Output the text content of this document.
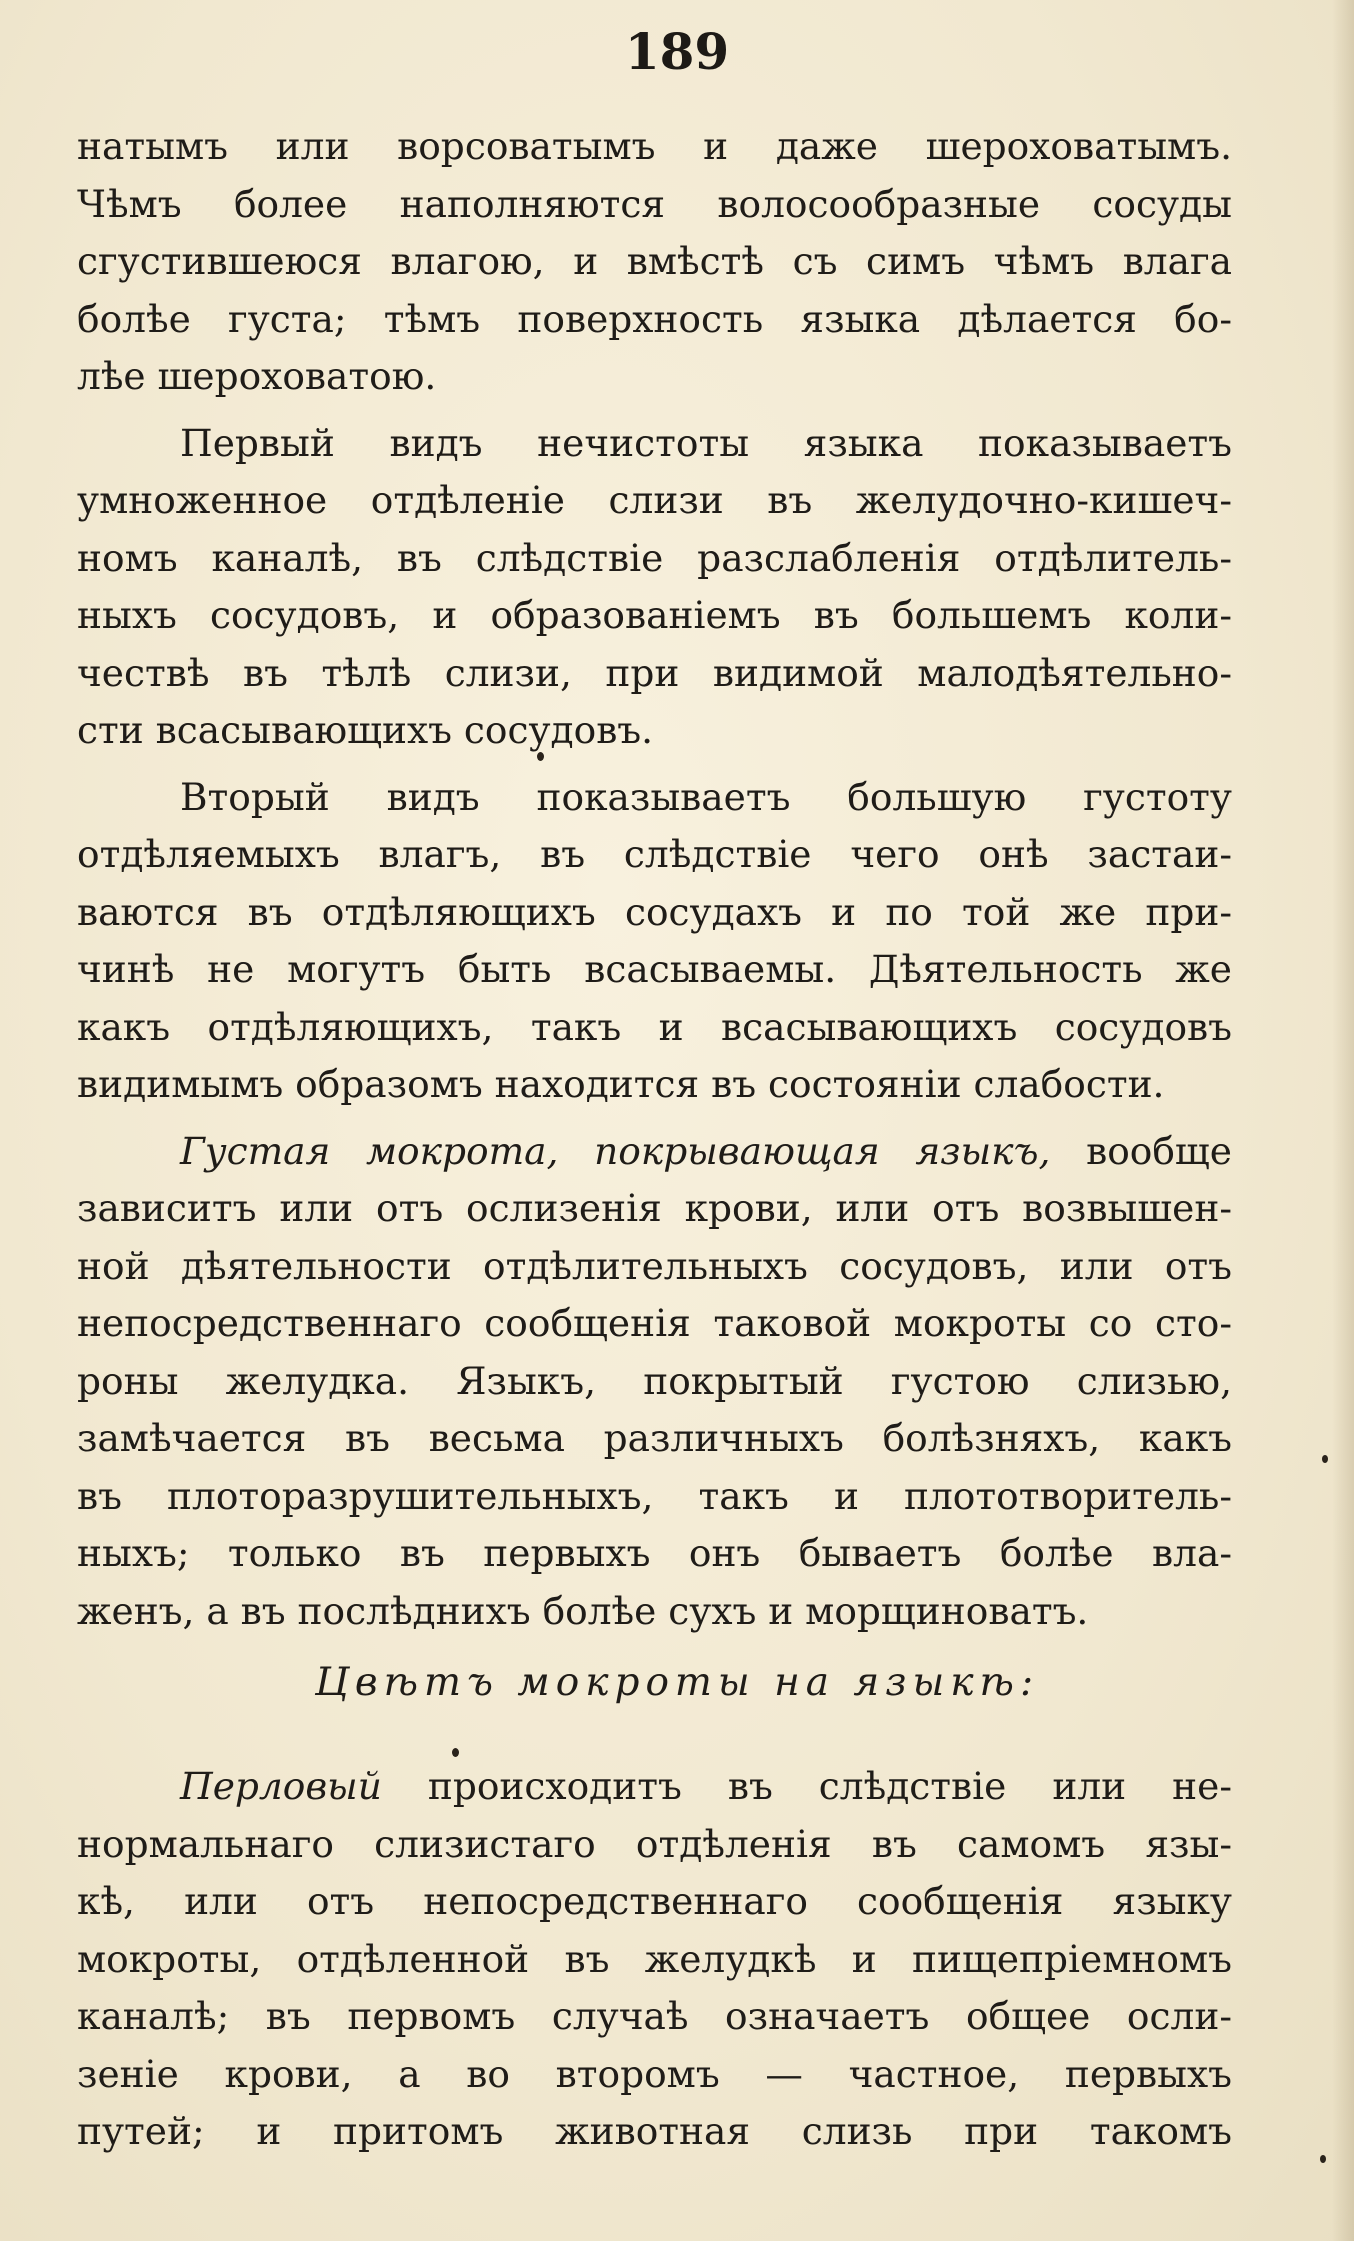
189
натымъ или ворсоватымъ и даже шероховатымъ.
Чѣмъ более наполняются волосообразные сосуды
сгустившеюся влагою, и вмѣстѣ съ симъ чѣмъ влага
болѣе густа; тѣмъ поверхность языка дѣлается бо-
лѣе шероховатою.
Первый видъ нечистоты языка показываетъ
умноженное отдѣленіе слизи въ желудочно-кишеч-
номъ каналѣ, въ слѣдствіе разслабленія отдѣлитель-
ныхъ сосудовъ, и образованіемъ въ большемъ коли-
чествѣ въ тѣлѣ слизи, при видимой малодѣятельно-
сти всасывающихъ сосудовъ.
Вторый видъ показываетъ большую густоту
отдѣляемыхъ влагъ, въ слѣдствіе чего онѣ застаи-
ваются въ отдѣляющихъ сосудахъ и по той же при-
чинѣ не могутъ быть всасываемы. Дѣятельность же
какъ отдѣляющихъ, такъ и всасывающихъ сосудовъ
видимымъ образомъ находится въ состояніи слабости.
Густая мокрота, покрывающая языкъ, вообще
зависитъ или отъ ослизенія крови, или отъ возвышен-
ной дѣятельности отдѣлительныхъ сосудовъ, или отъ
непосредственнаго сообщенія таковой мокроты со сто-
роны желудка. Языкъ, покрытый густою слизью,
замѣчается въ весьма различныхъ болѣзняхъ, какъ
въ плоторазрушительныхъ, такъ и плототворитель-
ныхъ; только въ первыхъ онъ бываетъ болѣе вла-
женъ, а въ послѣднихъ болѣе сухъ и морщиноватъ.
Цвѣтъ мокроты на языкѣ:
Перловый происходитъ въ слѣдствіе или не-
нормальнаго слизистаго отдѣленія въ самомъ язы-
кѣ, или отъ непосредственнаго сообщенія языку
мокроты, отдѣленной въ желудкѣ и пищепріемномъ
каналѣ; въ первомъ случаѣ означаетъ общее осли-
зеніе крови, а во второмъ — частное, первыхъ
путей; и притомъ животная слизь при такомъ
